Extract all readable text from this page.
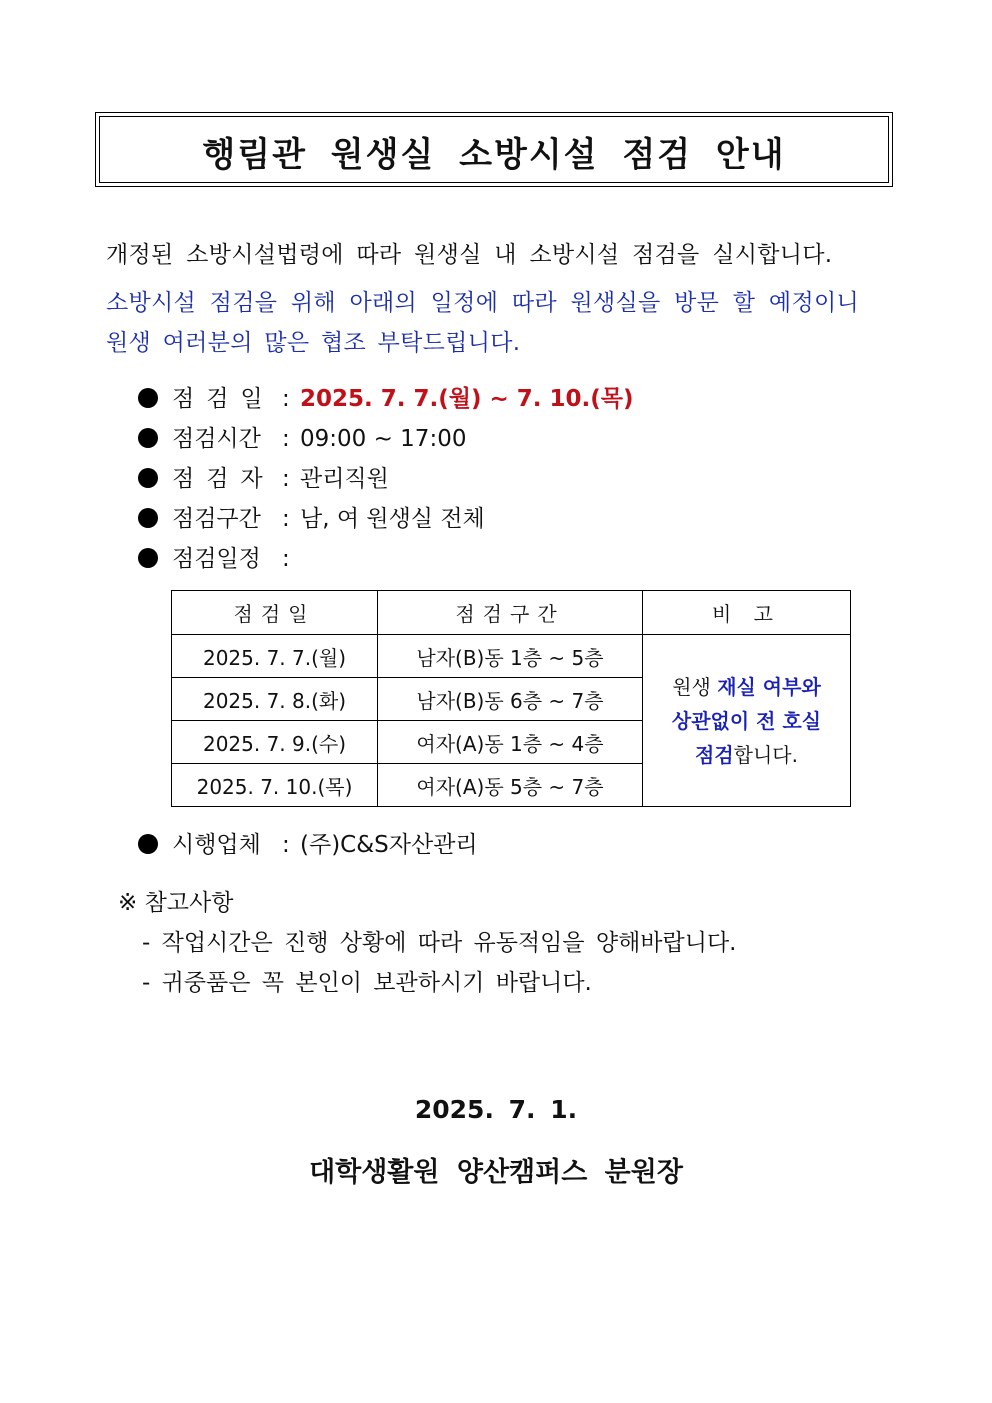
행림관 원생실 소방시설 점검 안내
개정된 소방시설법령에 따라 원생실 내 소방시설 점검을 실시합니다.
소방시설 점검을 위해 아래의 일정에 따라 원생실을 방문 할 예정이니
원생 여러분의 많은 협조 부탁드립니다.
점검일 : 2025. 7. 7.(월) ~ 7. 10.(목)
점검시간 : 09:00 ~ 17:00
점검자 : 관리직원
점검구간 : 남, 여 원생실 전체
점검일정 :
점검일	점검구간	비 고
2025. 7. 7.(월)	남자(B)동 1층 ~ 5층	원생 재실 여부와
상관없이 전 호실
점검합니다.
2025. 7. 8.(화)	남자(B)동 6층 ~ 7층	
2025. 7. 9.(수)	여자(A)동 1층 ~ 4층	
2025. 7. 10.(목)	여자(A)동 5층 ~ 7층	
시행업체 : (주)C&S자산관리
※ 참고사항
- 작업시간은 진행 상황에 따라 유동적임을 양해바랍니다.
- 귀중품은 꼭 본인이 보관하시기 바랍니다.
2025. 7. 1.
대학생활원 양산캠퍼스 분원장
